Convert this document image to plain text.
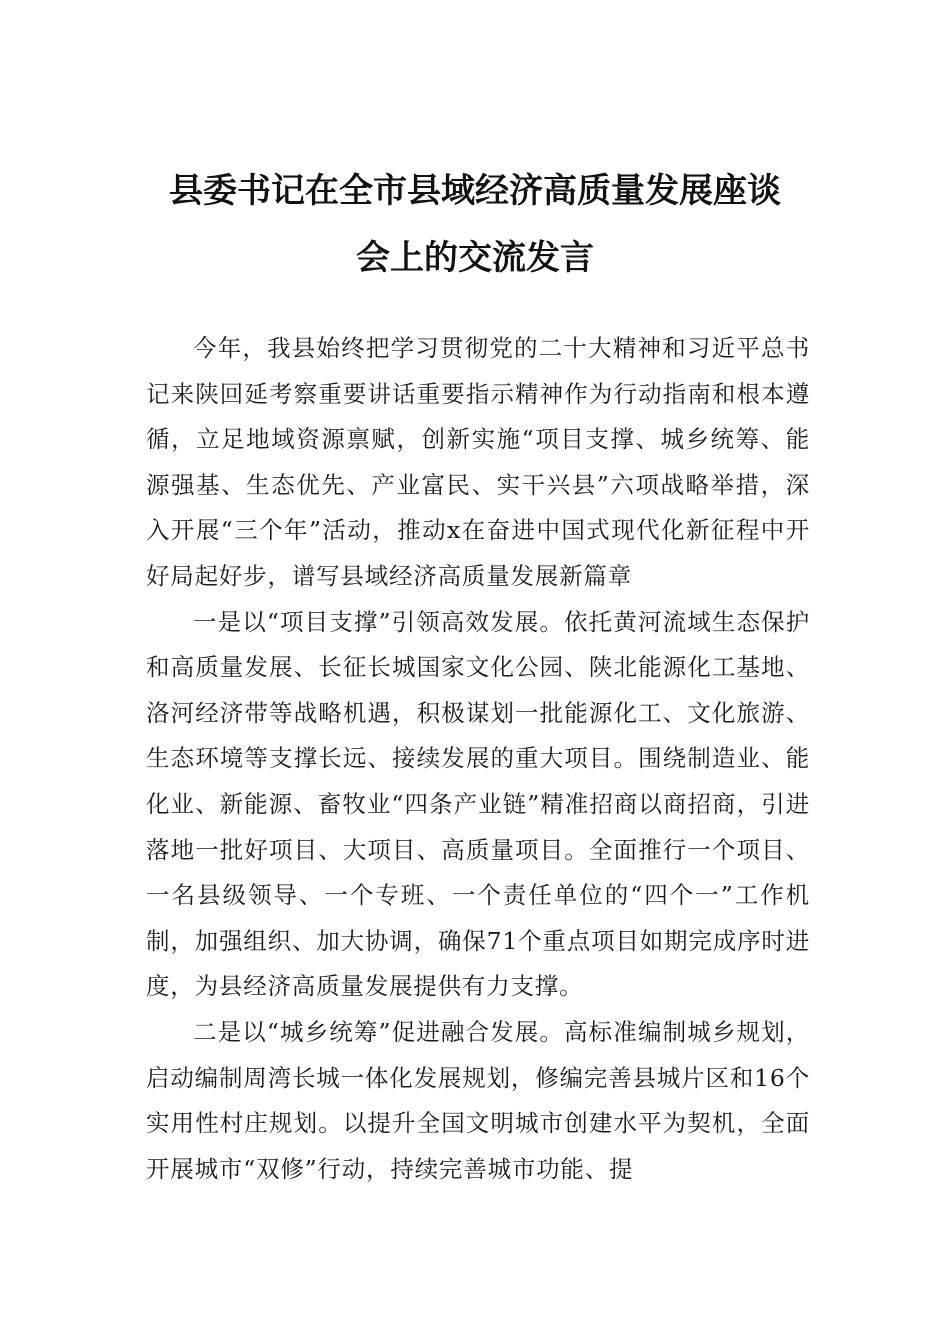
县委书记在全市县域经济高质量发展座谈
会上的交流发言

今年，我县始终把学习贯彻党的二十大精神和习近平总书记来陕回延考察重要讲话重要指示精神作为行动指南和根本遵循，立足地域资源禀赋，创新实施“项目支撑、城乡统筹、能源强基、生态优先、产业富民、实干兴县”六项战略举措，深入开展“三个年”活动，推动x在奋进中国式现代化新征程中开好局起好步，谱写县域经济高质量发展新篇章

一是以“项目支撑”引领高效发展。依托黄河流域生态保护和高质量发展、长征长城国家文化公园、陕北能源化工基地、洛河经济带等战略机遇，积极谋划一批能源化工、文化旅游、生态环境等支撑长远、接续发展的重大项目。围绕制造业、能化业、新能源、畜牧业“四条产业链”精准招商以商招商，引进落地一批好项目、大项目、高质量项目。全面推行一个项目、一名县级领导、一个专班、一个责任单位的“四个一”工作机制，加强组织、加大协调，确保71个重点项目如期完成序时进度，为县经济高质量发展提供有力支撑。

二是以“城乡统筹”促进融合发展。高标准编制城乡规划，启动编制周湾长城一体化发展规划，修编完善县城片区和16个实用性村庄规划。以提升全国文明城市创建水平为契机，全面开展城市“双修”行动，持续完善城市功能、提
